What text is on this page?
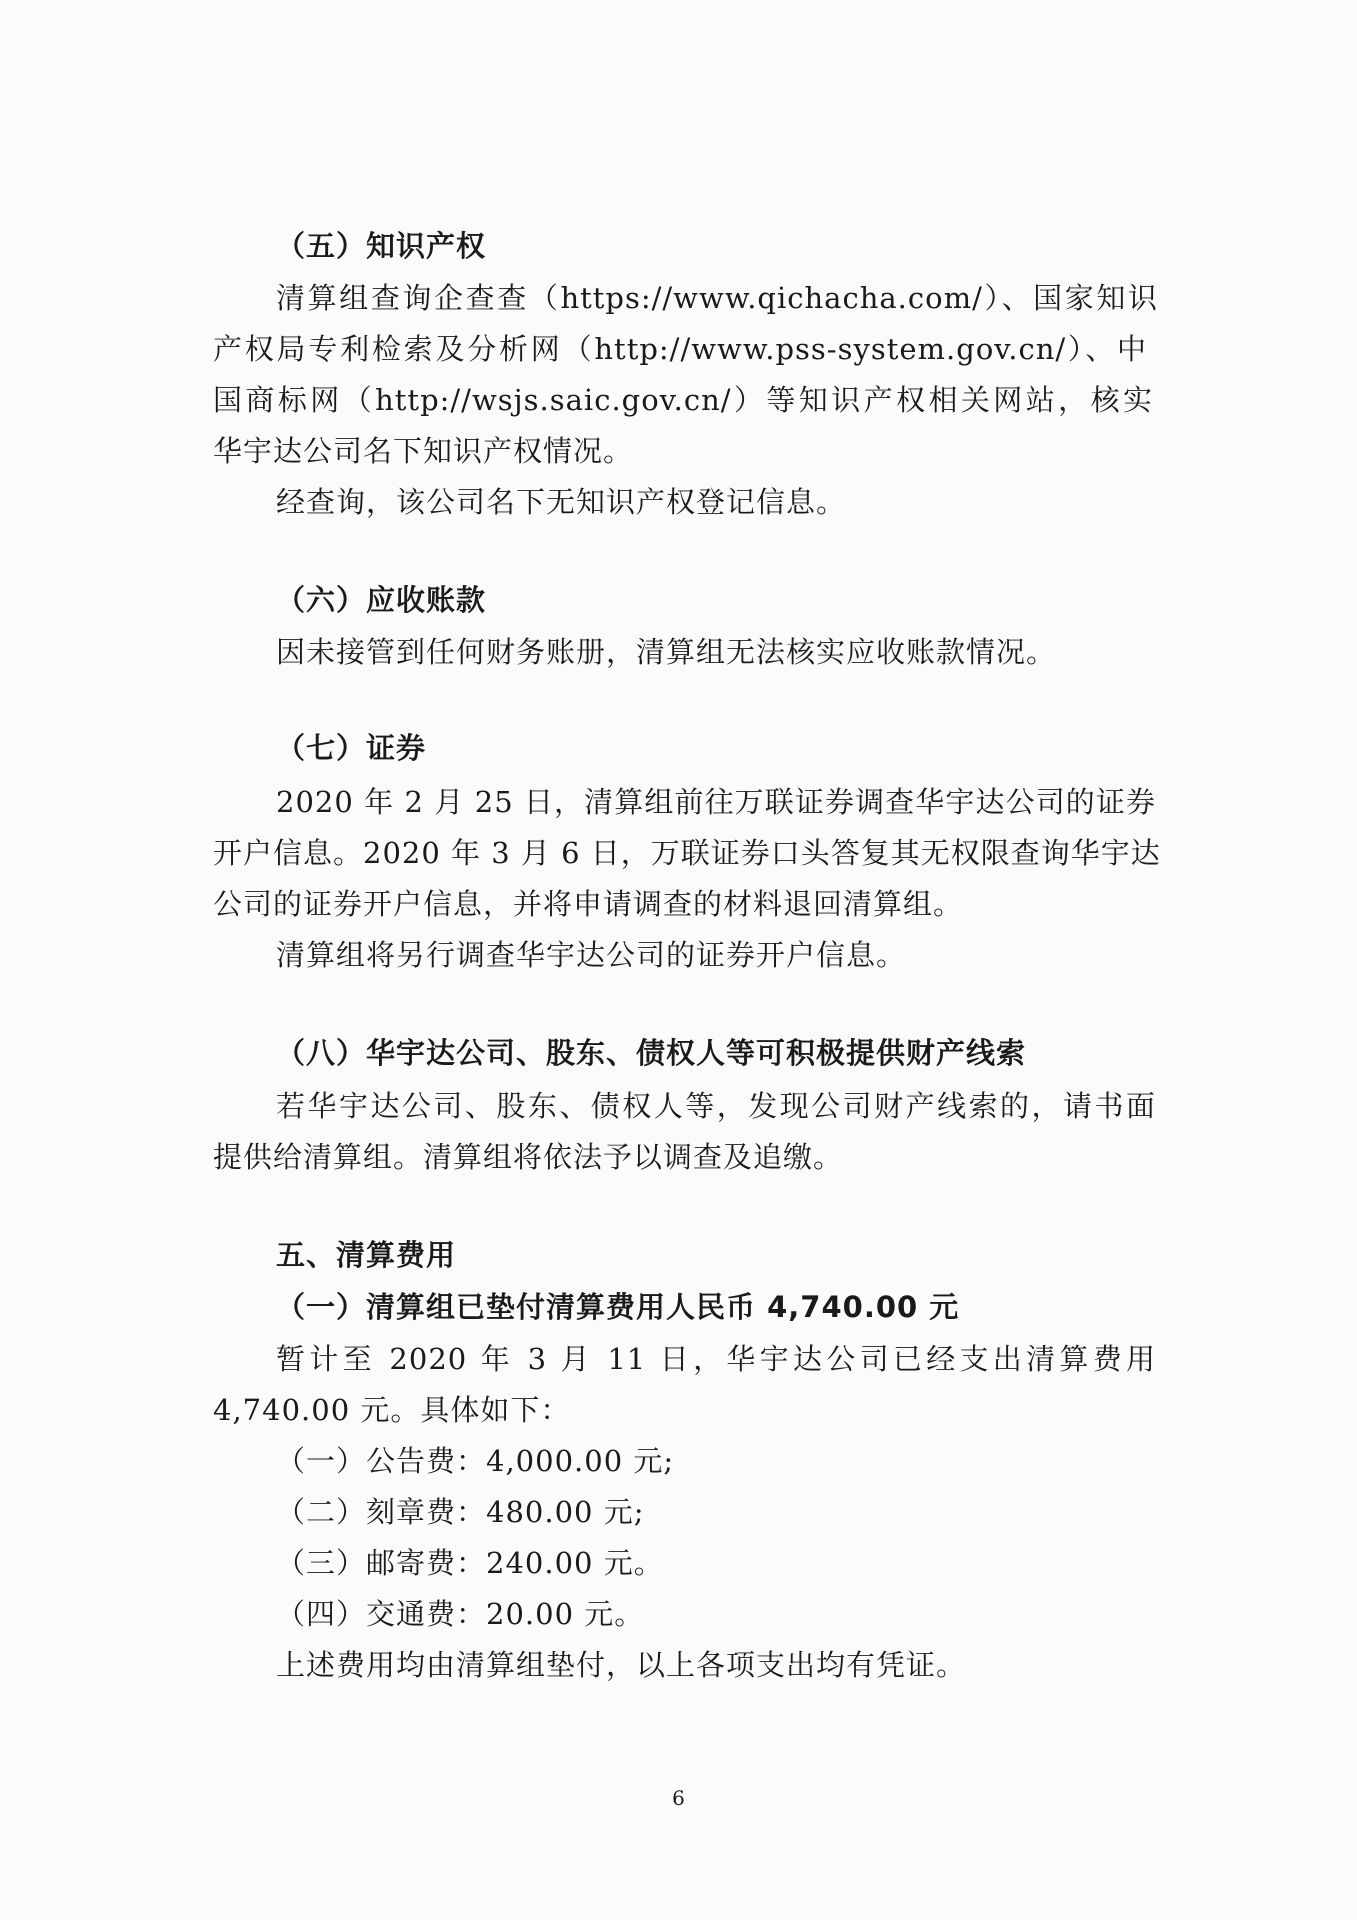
（五）知识产权
清算组查询企查查（https://www.qichacha.com/）、国家知识
产权局专利检索及分析网（http://www.pss-system.gov.cn/）、中
国商标网（http://wsjs.saic.gov.cn/）等知识产权相关网站，核实
华宇达公司名下知识产权情况。
经查询，该公司名下无知识产权登记信息。
（六）应收账款
因未接管到任何财务账册，清算组无法核实应收账款情况。
（七）证券
2020 年 2 月 25 日，清算组前往万联证券调查华宇达公司的证券
开户信息。2020 年 3 月 6 日，万联证券口头答复其无权限查询华宇达
公司的证券开户信息，并将申请调查的材料退回清算组。
清算组将另行调查华宇达公司的证券开户信息。
（八）华宇达公司、股东、债权人等可积极提供财产线索
若华宇达公司、股东、债权人等，发现公司财产线索的，请书面
提供给清算组。清算组将依法予以调查及追缴。
五、清算费用
（一）清算组已垫付清算费用人民币 4,740.00 元
暂计至 2020 年 3 月 11 日，华宇达公司已经支出清算费用
4,740.00 元。具体如下：
（一）公告费：4,000.00 元;
（二）刻章费：480.00 元;
（三）邮寄费：240.00 元。
（四）交通费：20.00 元。
上述费用均由清算组垫付，以上各项支出均有凭证。
6
